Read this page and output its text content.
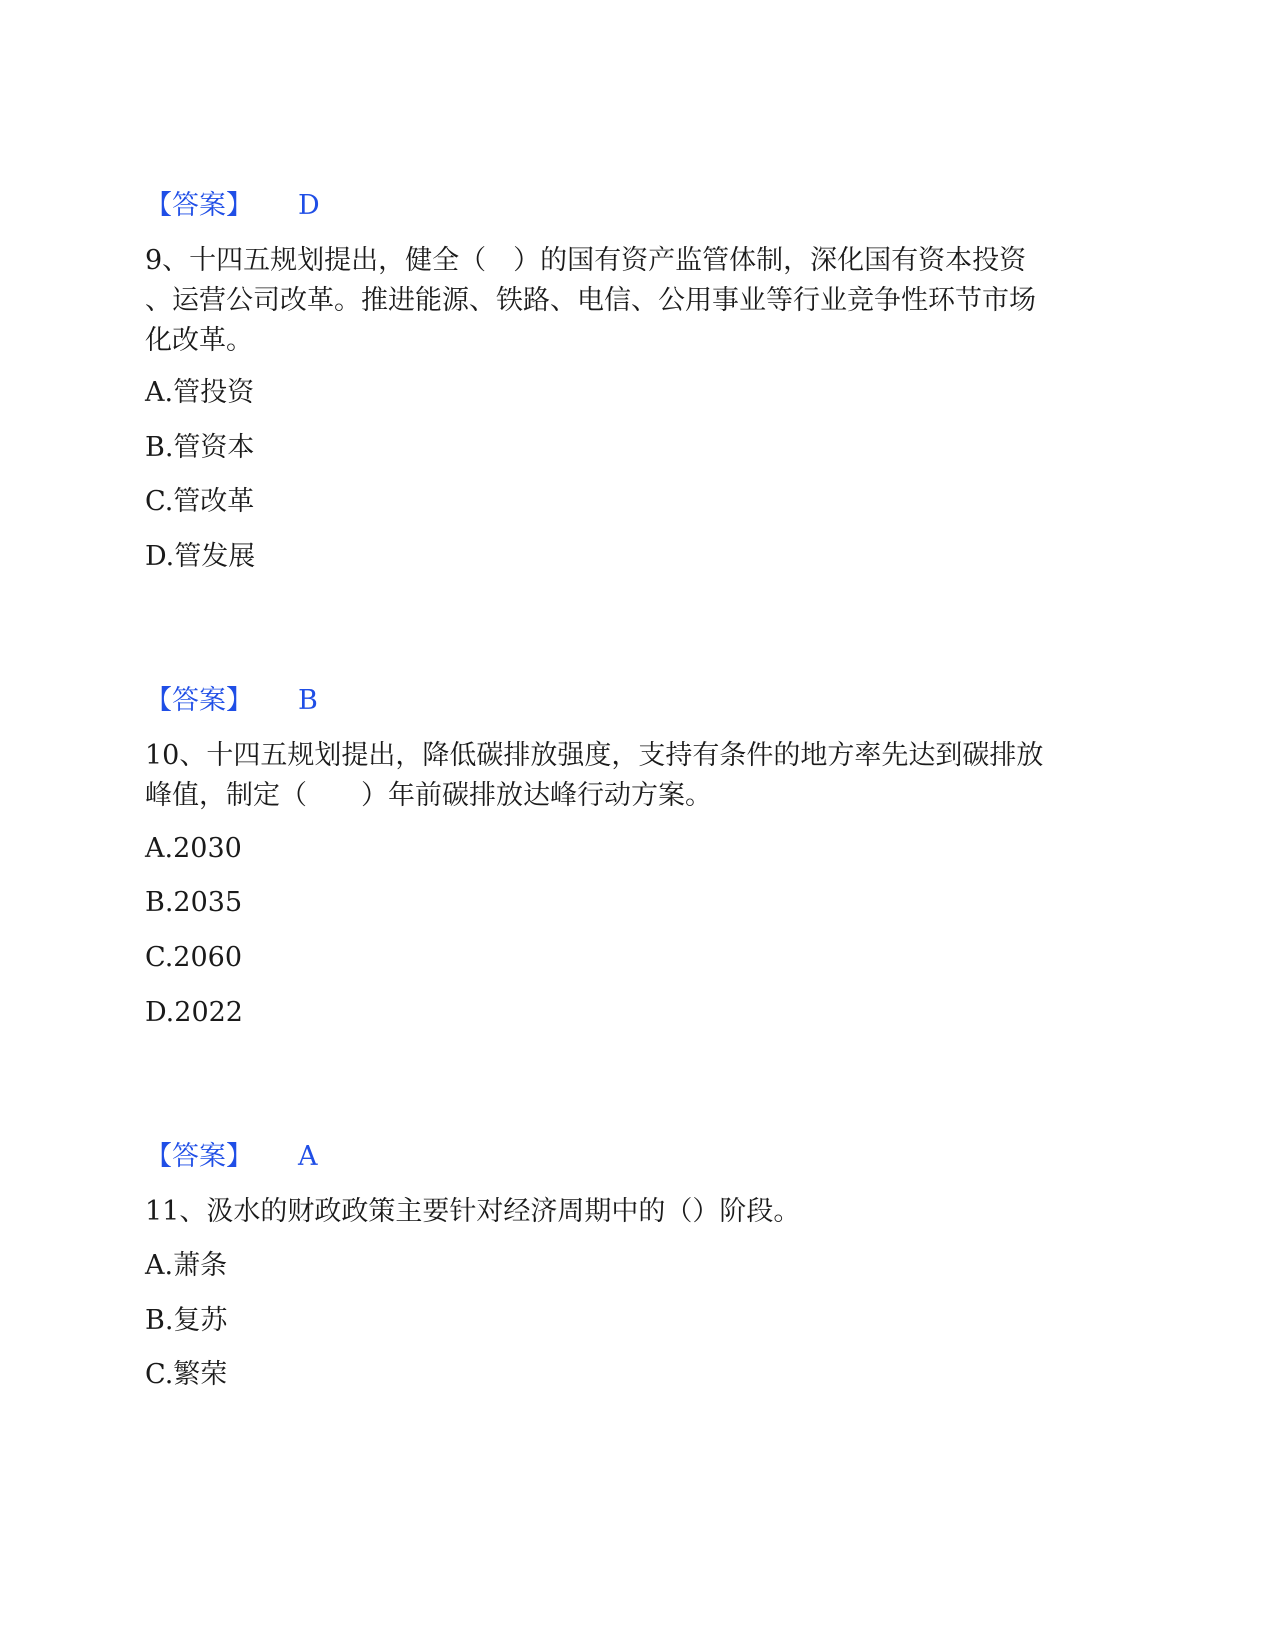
【答案】 D
9、十四五规划提出，健全（　）的国有资产监管体制，深化国有资本投资
、运营公司改革。推进能源、铁路、电信、公用事业等行业竞争性环节市场
化改革。
A.管投资
B.管资本
C.管改革
D.管发展
【答案】 B
10、十四五规划提出，降低碳排放强度，支持有条件的地方率先达到碳排放
峰值，制定（　　）年前碳排放达峰行动方案。
A.2030
B.2035
C.2060
D.2022
【答案】 A
11、汲水的财政政策主要针对经济周期中的（）阶段。
A.萧条
B.复苏
C.繁荣
